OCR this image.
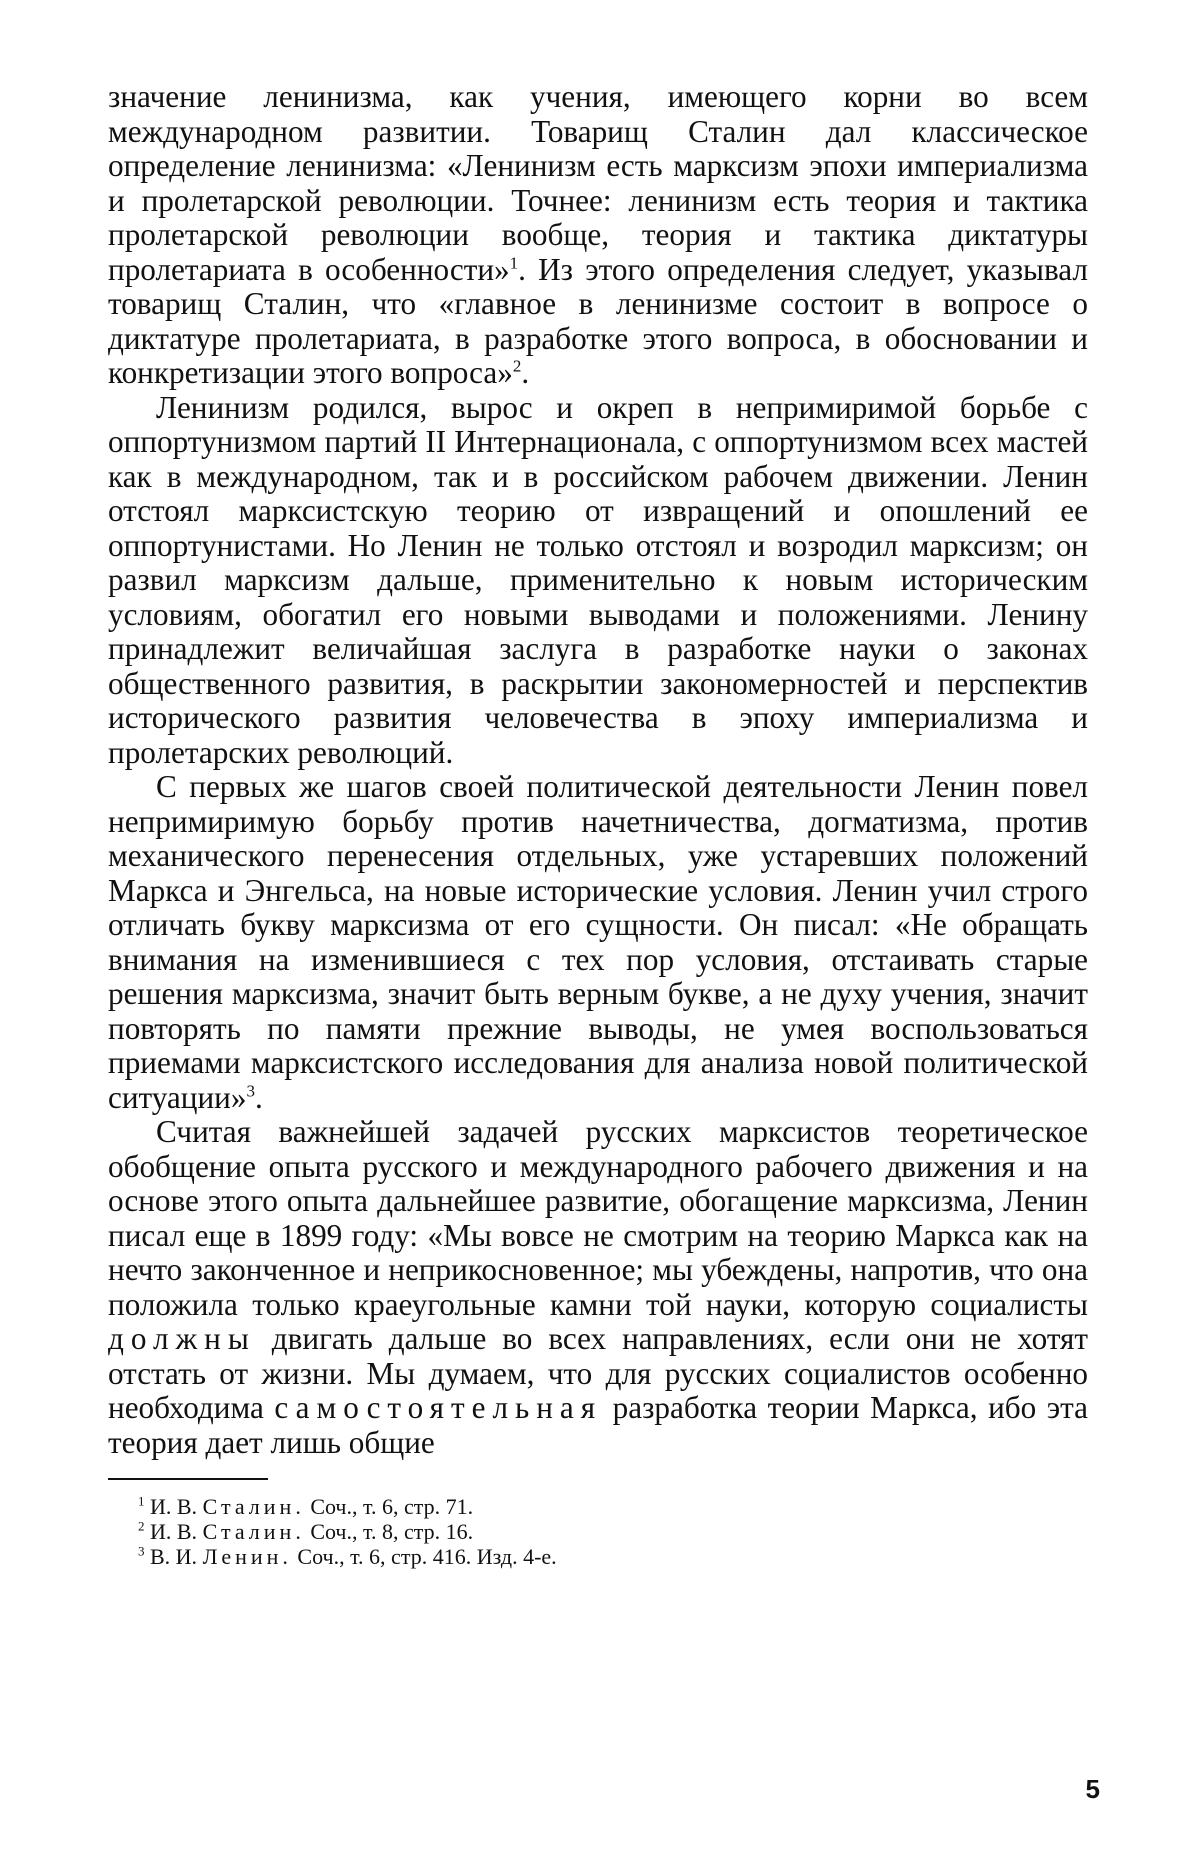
значение ленинизма, как учения, имеющего корни во всем международном развитии. Товарищ Сталин дал классическое определение ленинизма: «Ленинизм есть марксизм эпохи империализма и пролетарской революции. Точнее: ленинизм есть теория и тактика пролетарской революции вообще, теория и тактика диктатуры пролетариата в особенности»$^1$. Из этого определения следует, указывал товарищ Сталин, что «главное в ленинизме состоит в вопросе о диктатуре пролетариата, в разработке этого вопроса, в обосновании и конкретизации этого вопроса»$^2$.

Ленинизм родился, вырос и окреп в непримиримой борьбе с оппортунизмом партий II Интернационала, с оппортунизмом всех мастей как в международном, так и в российском рабочем движении. Ленин отстоял марксистскую теорию от извращений и опошлений ее оппортунистами. Но Ленин не только отстоял и возродил марксизм; он развил марксизм дальше, применительно к новым историческим условиям, обогатил его новыми выводами и положениями. Ленину принадлежит величайшая заслуга в разработке науки о законах общественного развития, в раскрытии закономерностей и перспектив исторического развития человечества в эпоху империализма и пролетарских революций.

С первых же шагов своей политической деятельности Ленин повел непримиримую борьбу против начетничества, догматизма, против механического перенесения отдельных, уже устаревших положений Маркса и Энгельса, на новые исторические условия. Ленин учил строго отличать букву марксизма от его сущности. Он писал: «Не обращать внимания на изменившиеся с тех пор условия, отстаивать старые решения марксизма, значит быть верным букве, а не духу учения, значит повторять по памяти прежние выводы, не умея воспользоваться приемами марксистского исследования для анализа новой политической ситуации»$^3$.

Считая важнейшей задачей русских марксистов теоретическое обобщение опыта русского и международного рабочего движения и на основе этого опыта дальнейшее развитие, обогащение марксизма, Ленин писал еще в 1899 году: «Мы вовсе не смотрим на теорию Маркса как на нечто законченное и неприкосновенное; мы убеждены, напротив, что она положила только краеугольные камни той науки, которую социалисты должны двигать дальше во всех направлениях, если они не хотят отстать от жизни. Мы думаем, что для русских социалистов особенно необходима самостоятельная разработка теории Маркса, ибо эта теория дает лишь общие

$^1$ И. В. Сталин. Соч., т. 6, стр. 71.

$^2$ И. В. Сталин. Соч., т. 8, стр. 16.

$^3$ В. И. Ленин. Соч., т. 6, стр. 416. Изд. 4-е.

5
